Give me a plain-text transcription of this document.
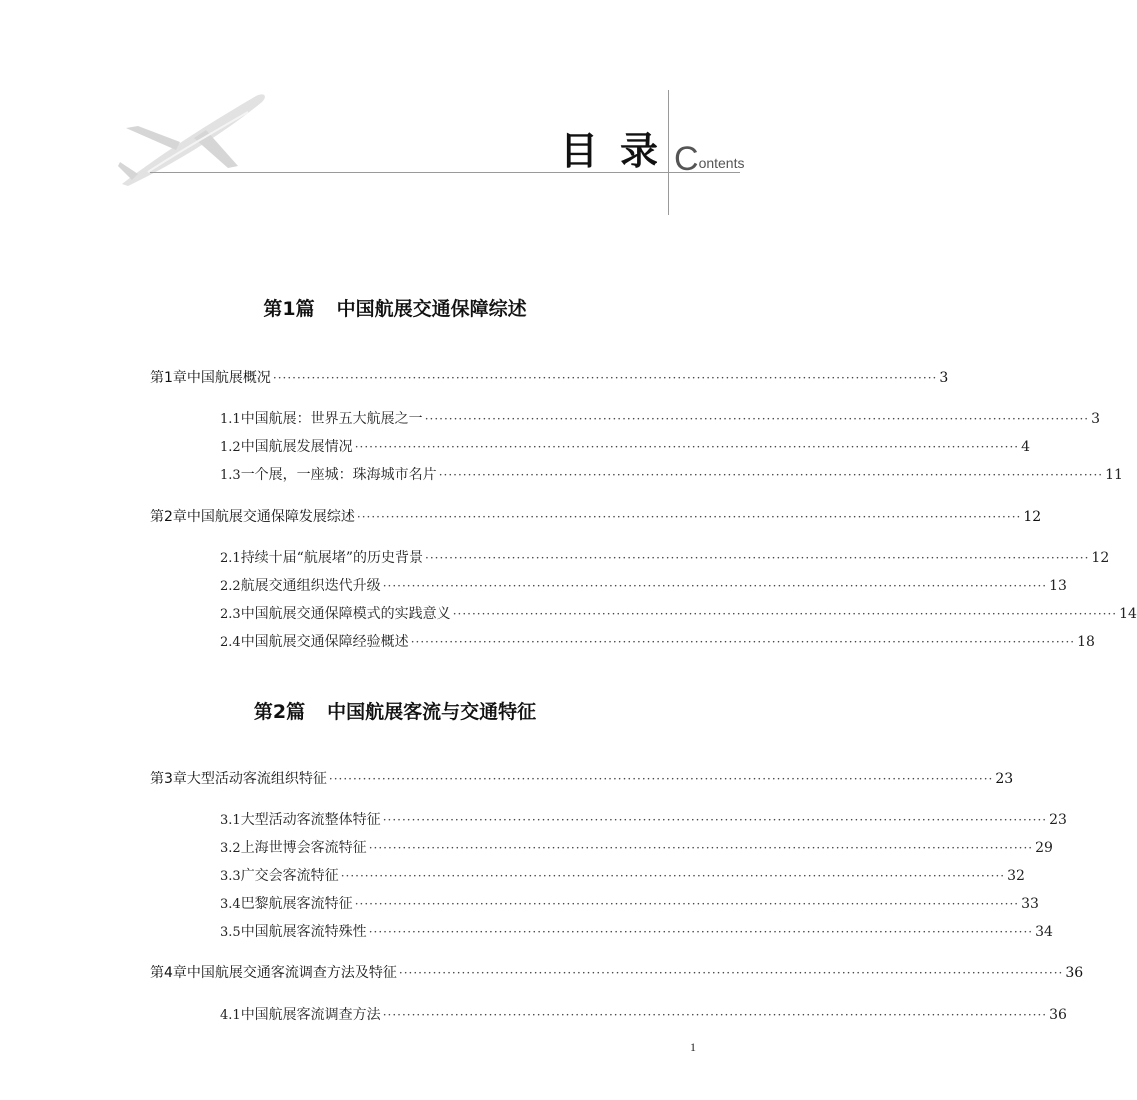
目录
Contents
第1篇 中国航展交通保障综述
第1章 中国航展概况 ·········································································································································· 3
1.1 中国航展：世界五大航展之一 ·········································································································································· 3
1.2 中国航展发展情况 ·········································································································································· 4
1.3 一个展，一座城：珠海城市名片 ·········································································································································· 11
第2章 中国航展交通保障发展综述 ·········································································································································· 12
2.1 持续十届“航展堵”的历史背景 ·········································································································································· 12
2.2 航展交通组织迭代升级 ·········································································································································· 13
2.3 中国航展交通保障模式的实践意义 ·········································································································································· 14
2.4 中国航展交通保障经验概述 ·········································································································································· 18
第2篇 中国航展客流与交通特征
第3章 大型活动客流组织特征 ·········································································································································· 23
3.1 大型活动客流整体特征 ·········································································································································· 23
3.2 上海世博会客流特征 ·········································································································································· 29
3.3 广交会客流特征 ·········································································································································· 32
3.4 巴黎航展客流特征 ·········································································································································· 33
3.5 中国航展客流特殊性 ·········································································································································· 34
第4章 中国航展交通客流调查方法及特征 ·········································································································································· 36
4.1 中国航展客流调查方法 ·········································································································································· 36
1
